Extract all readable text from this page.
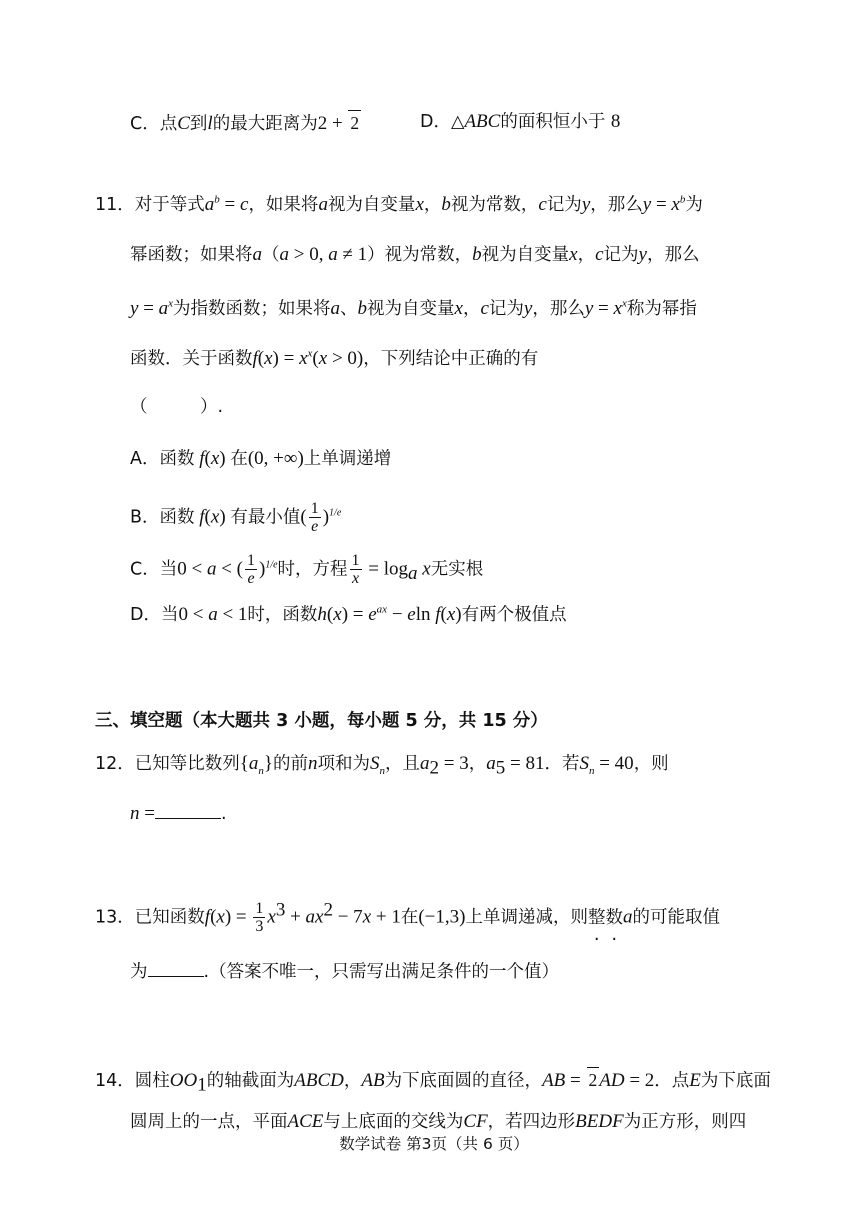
C．点C到l的最大距离为2 + 2	D．△ABC的面积恒小于 8
11．对于等式$a^b = c$，如果将a视为自变量x，b视为常数，c记为y，那么$y = x^b$为
幂函数；如果将a（a > 0, a ≠ 1）视为常数，b视为自变量x，c记为y，那么
$y = a^x$为指数函数；如果将a、b视为自变量x，c记为y，那么$y = x^x$称为幂指
函数．关于函数$f(x) = x^x(x > 0)$，下列结论中正确的有
（　　　）.
A．函数 f(x) 在(0, +∞)上单调递增
B．函数 f(x) 有最小值( $\frac{1}{e} )^{1/e}$
C．当0 < a < ( $\frac{1}{e} )^{1/e}$时，方程 $\frac{1}{x} = \log_a x$无实根
D．当0 < a < 1时，函数$h(x) = e^{ax} - eln$ f(x)有两个极值点
三、填空题（本大题共 3 小题，每小题 5 分，共 15 分）
12．已知等比数列$\{a_n\}$的前n项和为$S_n$，且$a_2 = 3$，$a_5 = 81$．若$S_n = 40$，则
n =	.
13．已知函数$f(x) = \frac{1}{3} x^3 + ax^2 - 7x + 1$在(−1,3)上单调递减，则整数a的可能取值
为	.（答案不唯一，只需写出满足条件的一个值）
14．圆柱$OO_1$的轴截面为ABCD，AB为下底面圆的直径，AB = 2 AD = 2．点E为下底面
圆周上的一点，平面ACE与上底面的交线为CF，若四边形BEDF为正方形，则四
数学试卷 第3页（共 6 页）
